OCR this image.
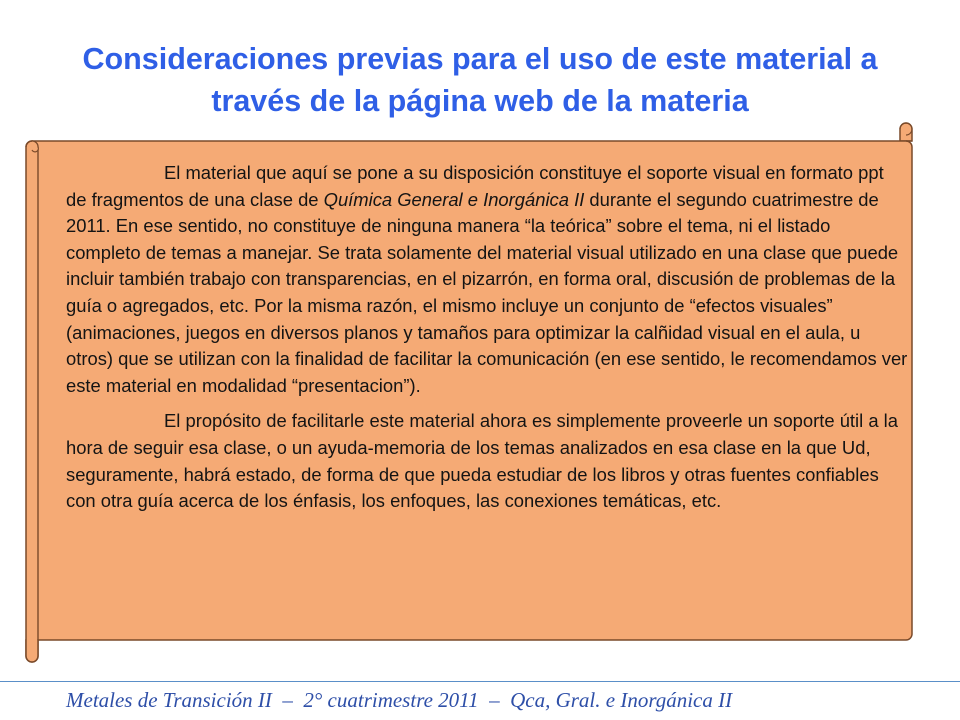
Consideraciones previas para el uso de este material a través de la página web de la materia

El material que aquí se pone a su disposición constituye el soporte visual en formato ppt de fragmentos de una clase de Química General e Inorgánica II durante el segundo cuatrimestre de 2011. En ese sentido, no constituye de ninguna manera “la teórica” sobre el tema, ni el listado completo de temas a manejar. Se trata solamente del material visual utilizado en una clase que puede incluir también trabajo con transparencias, en el pizarrón, en forma oral, discusión de problemas de la guía o agregados, etc. Por la misma razón, el mismo incluye un conjunto de “efectos visuales” (animaciones, juegos en diversos planos y tamaños para optimizar la calñidad visual en el aula, u otros) que se utilizan con la finalidad de facilitar la comunicación (en ese sentido, le recomendamos ver este material en modalidad “presentacion”).

El propósito de facilitarle este material ahora es simplemente proveerle un soporte útil a la hora de seguir esa clase, o un ayuda-memoria de los temas analizados en esa clase en la que Ud, seguramente, habrá estado, de forma de que pueda estudiar de los libros y otras fuentes confiables con otra guía acerca de los énfasis, los enfoques, las conexiones temáticas, etc.

Metales de Transición II  –  2° cuatrimestre 2011  –  Qca, Gral. e Inorgánica II
